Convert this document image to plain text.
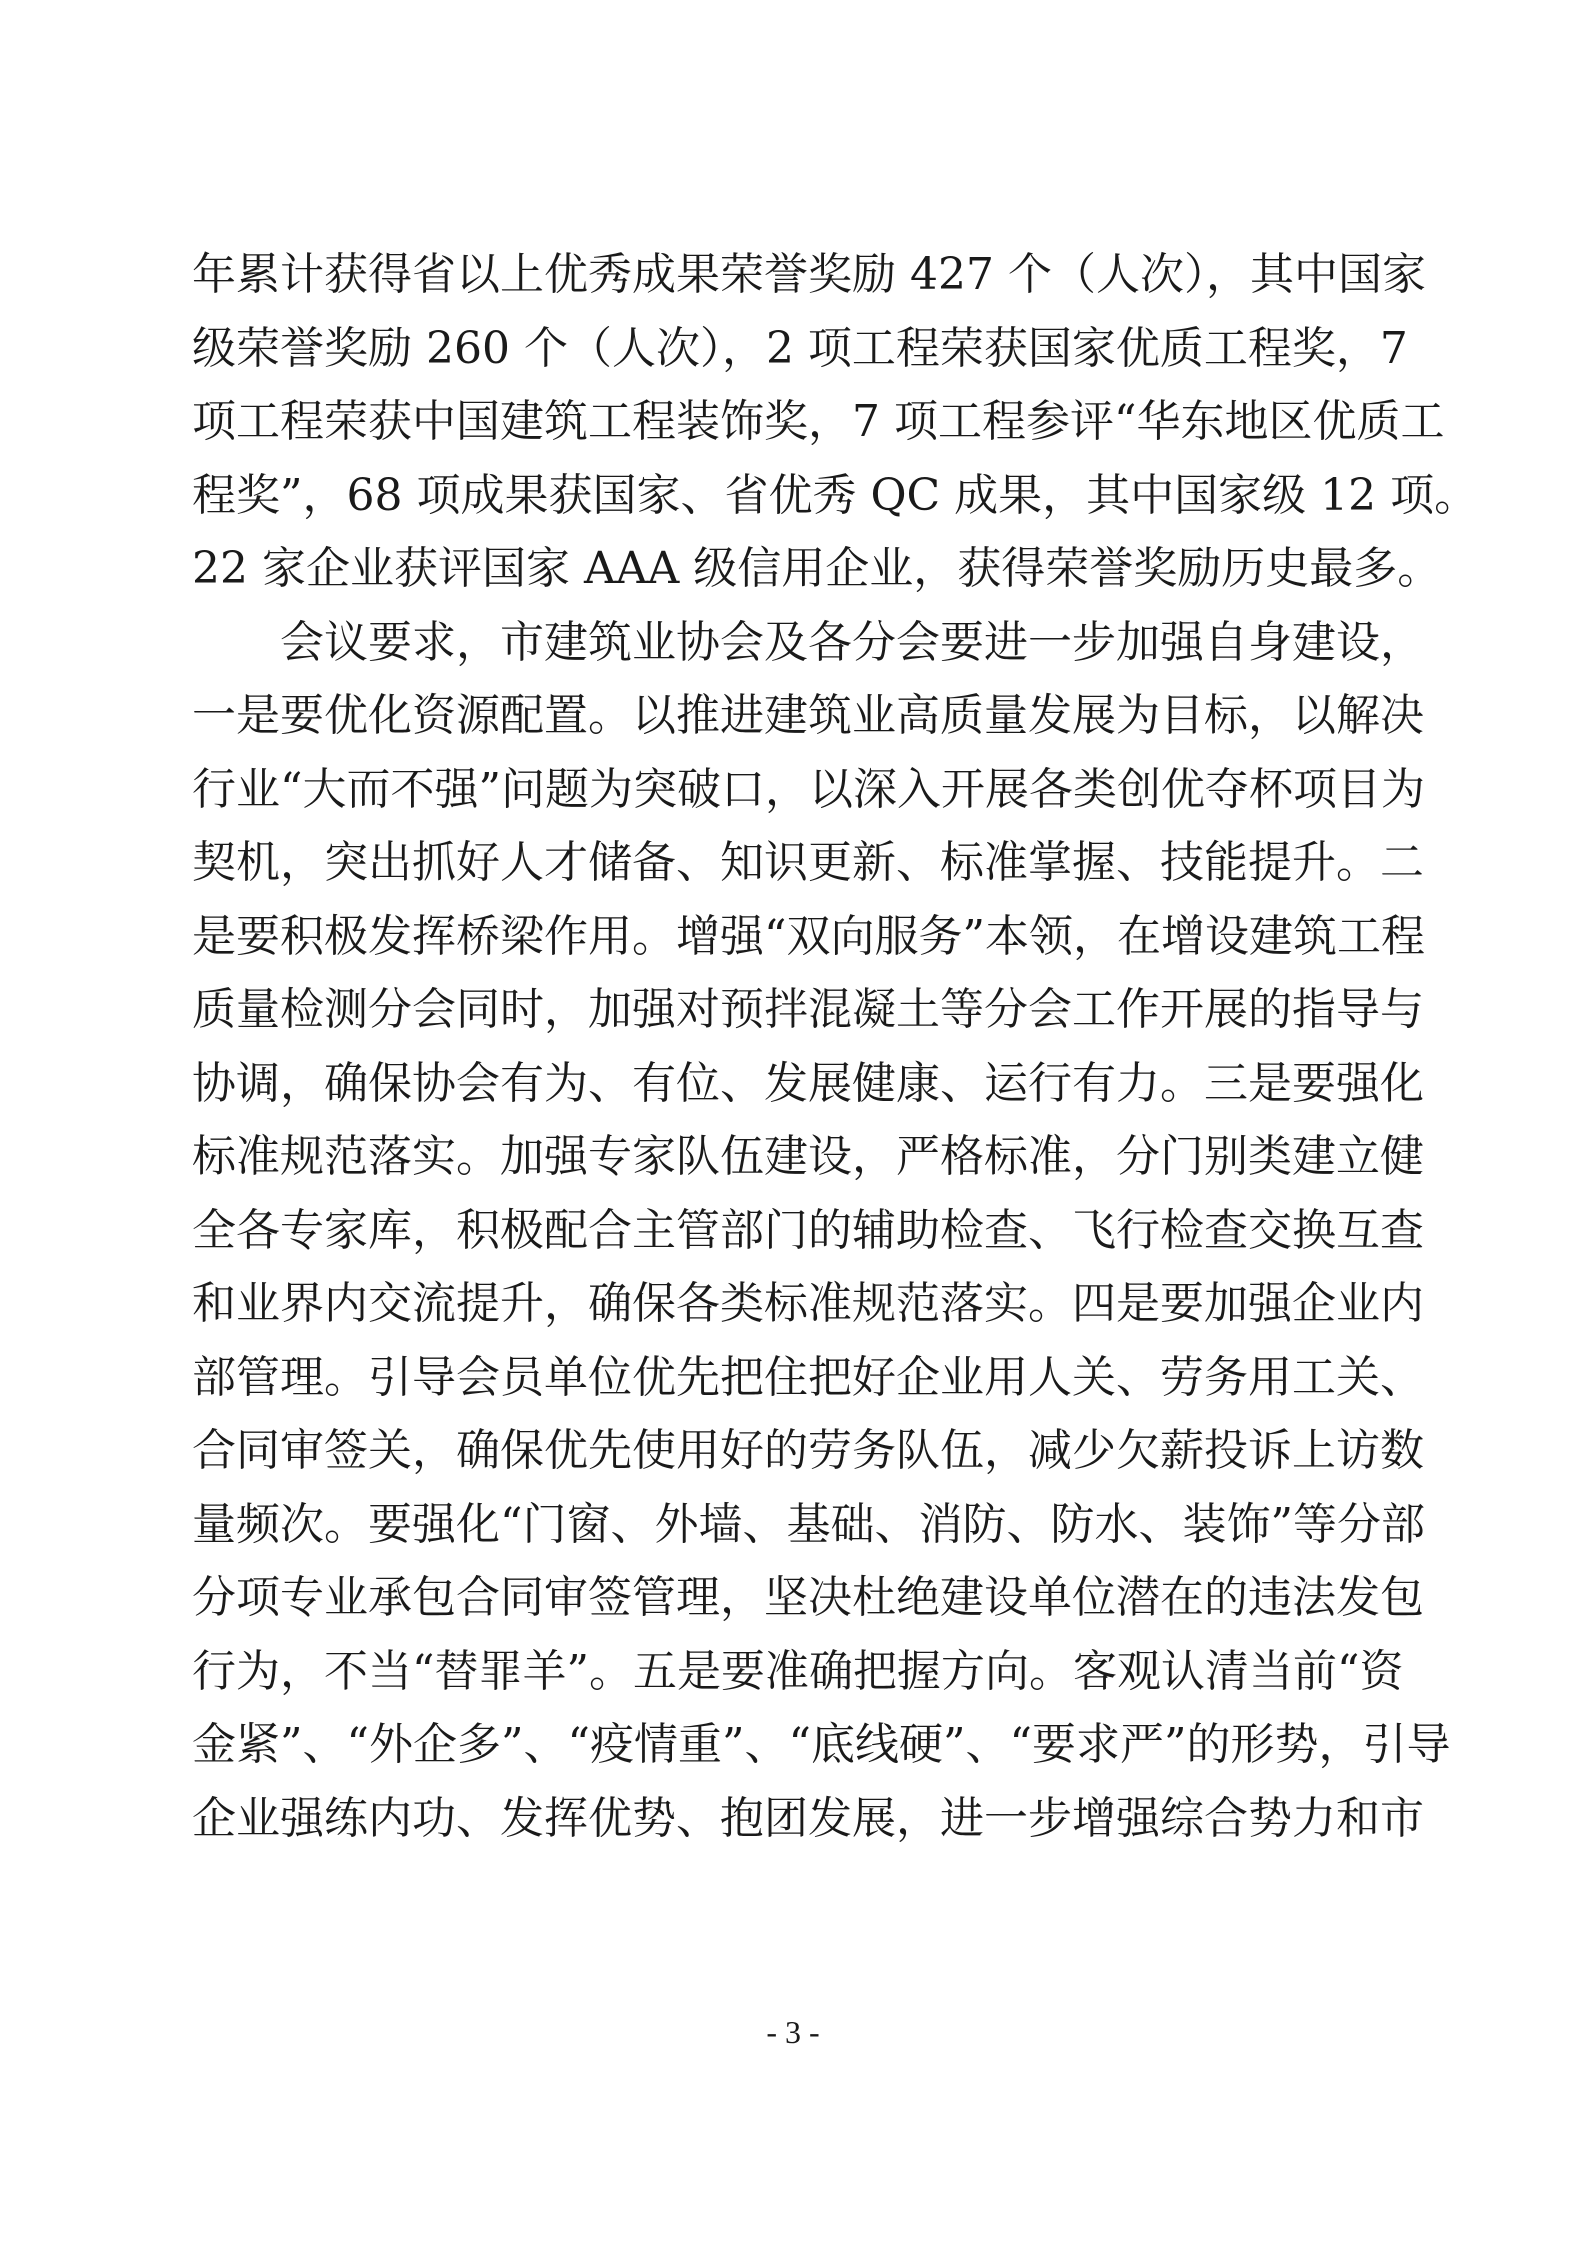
年累计获得省以上优秀成果荣誉奖励 427 个（人次），其中国家
级荣誉奖励 260 个（人次），2 项工程荣获国家优质工程奖，7
项工程荣获中国建筑工程装饰奖，7 项工程参评“华东地区优质工
程奖”，68 项成果获国家、省优秀 QC 成果，其中国家级 12 项。
22 家企业获评国家 AAA 级信用企业，获得荣誉奖励历史最多。
会议要求，市建筑业协会及各分会要进一步加强自身建设，
一是要优化资源配置。以推进建筑业高质量发展为目标，以解决
行业“大而不强”问题为突破口，以深入开展各类创优夺杯项目为
契机，突出抓好人才储备、知识更新、标准掌握、技能提升。二
是要积极发挥桥梁作用。增强“双向服务”本领，在增设建筑工程
质量检测分会同时，加强对预拌混凝土等分会工作开展的指导与
协调，确保协会有为、有位、发展健康、运行有力。三是要强化
标准规范落实。加强专家队伍建设，严格标准，分门别类建立健
全各专家库，积极配合主管部门的辅助检查、飞行检查交换互查
和业界内交流提升，确保各类标准规范落实。四是要加强企业内
部管理。引导会员单位优先把住把好企业用人关、劳务用工关、
合同审签关，确保优先使用好的劳务队伍，减少欠薪投诉上访数
量频次。要强化“门窗、外墙、基础、消防、防水、装饰”等分部
分项专业承包合同审签管理，坚决杜绝建设单位潜在的违法发包
行为，不当“替罪羊”。五是要准确把握方向。客观认清当前“资
金紧”、“外企多”、“疫情重”、“底线硬”、“要求严”的形势，引导
企业强练内功、发挥优势、抱团发展，进一步增强综合势力和市
- 3 -
